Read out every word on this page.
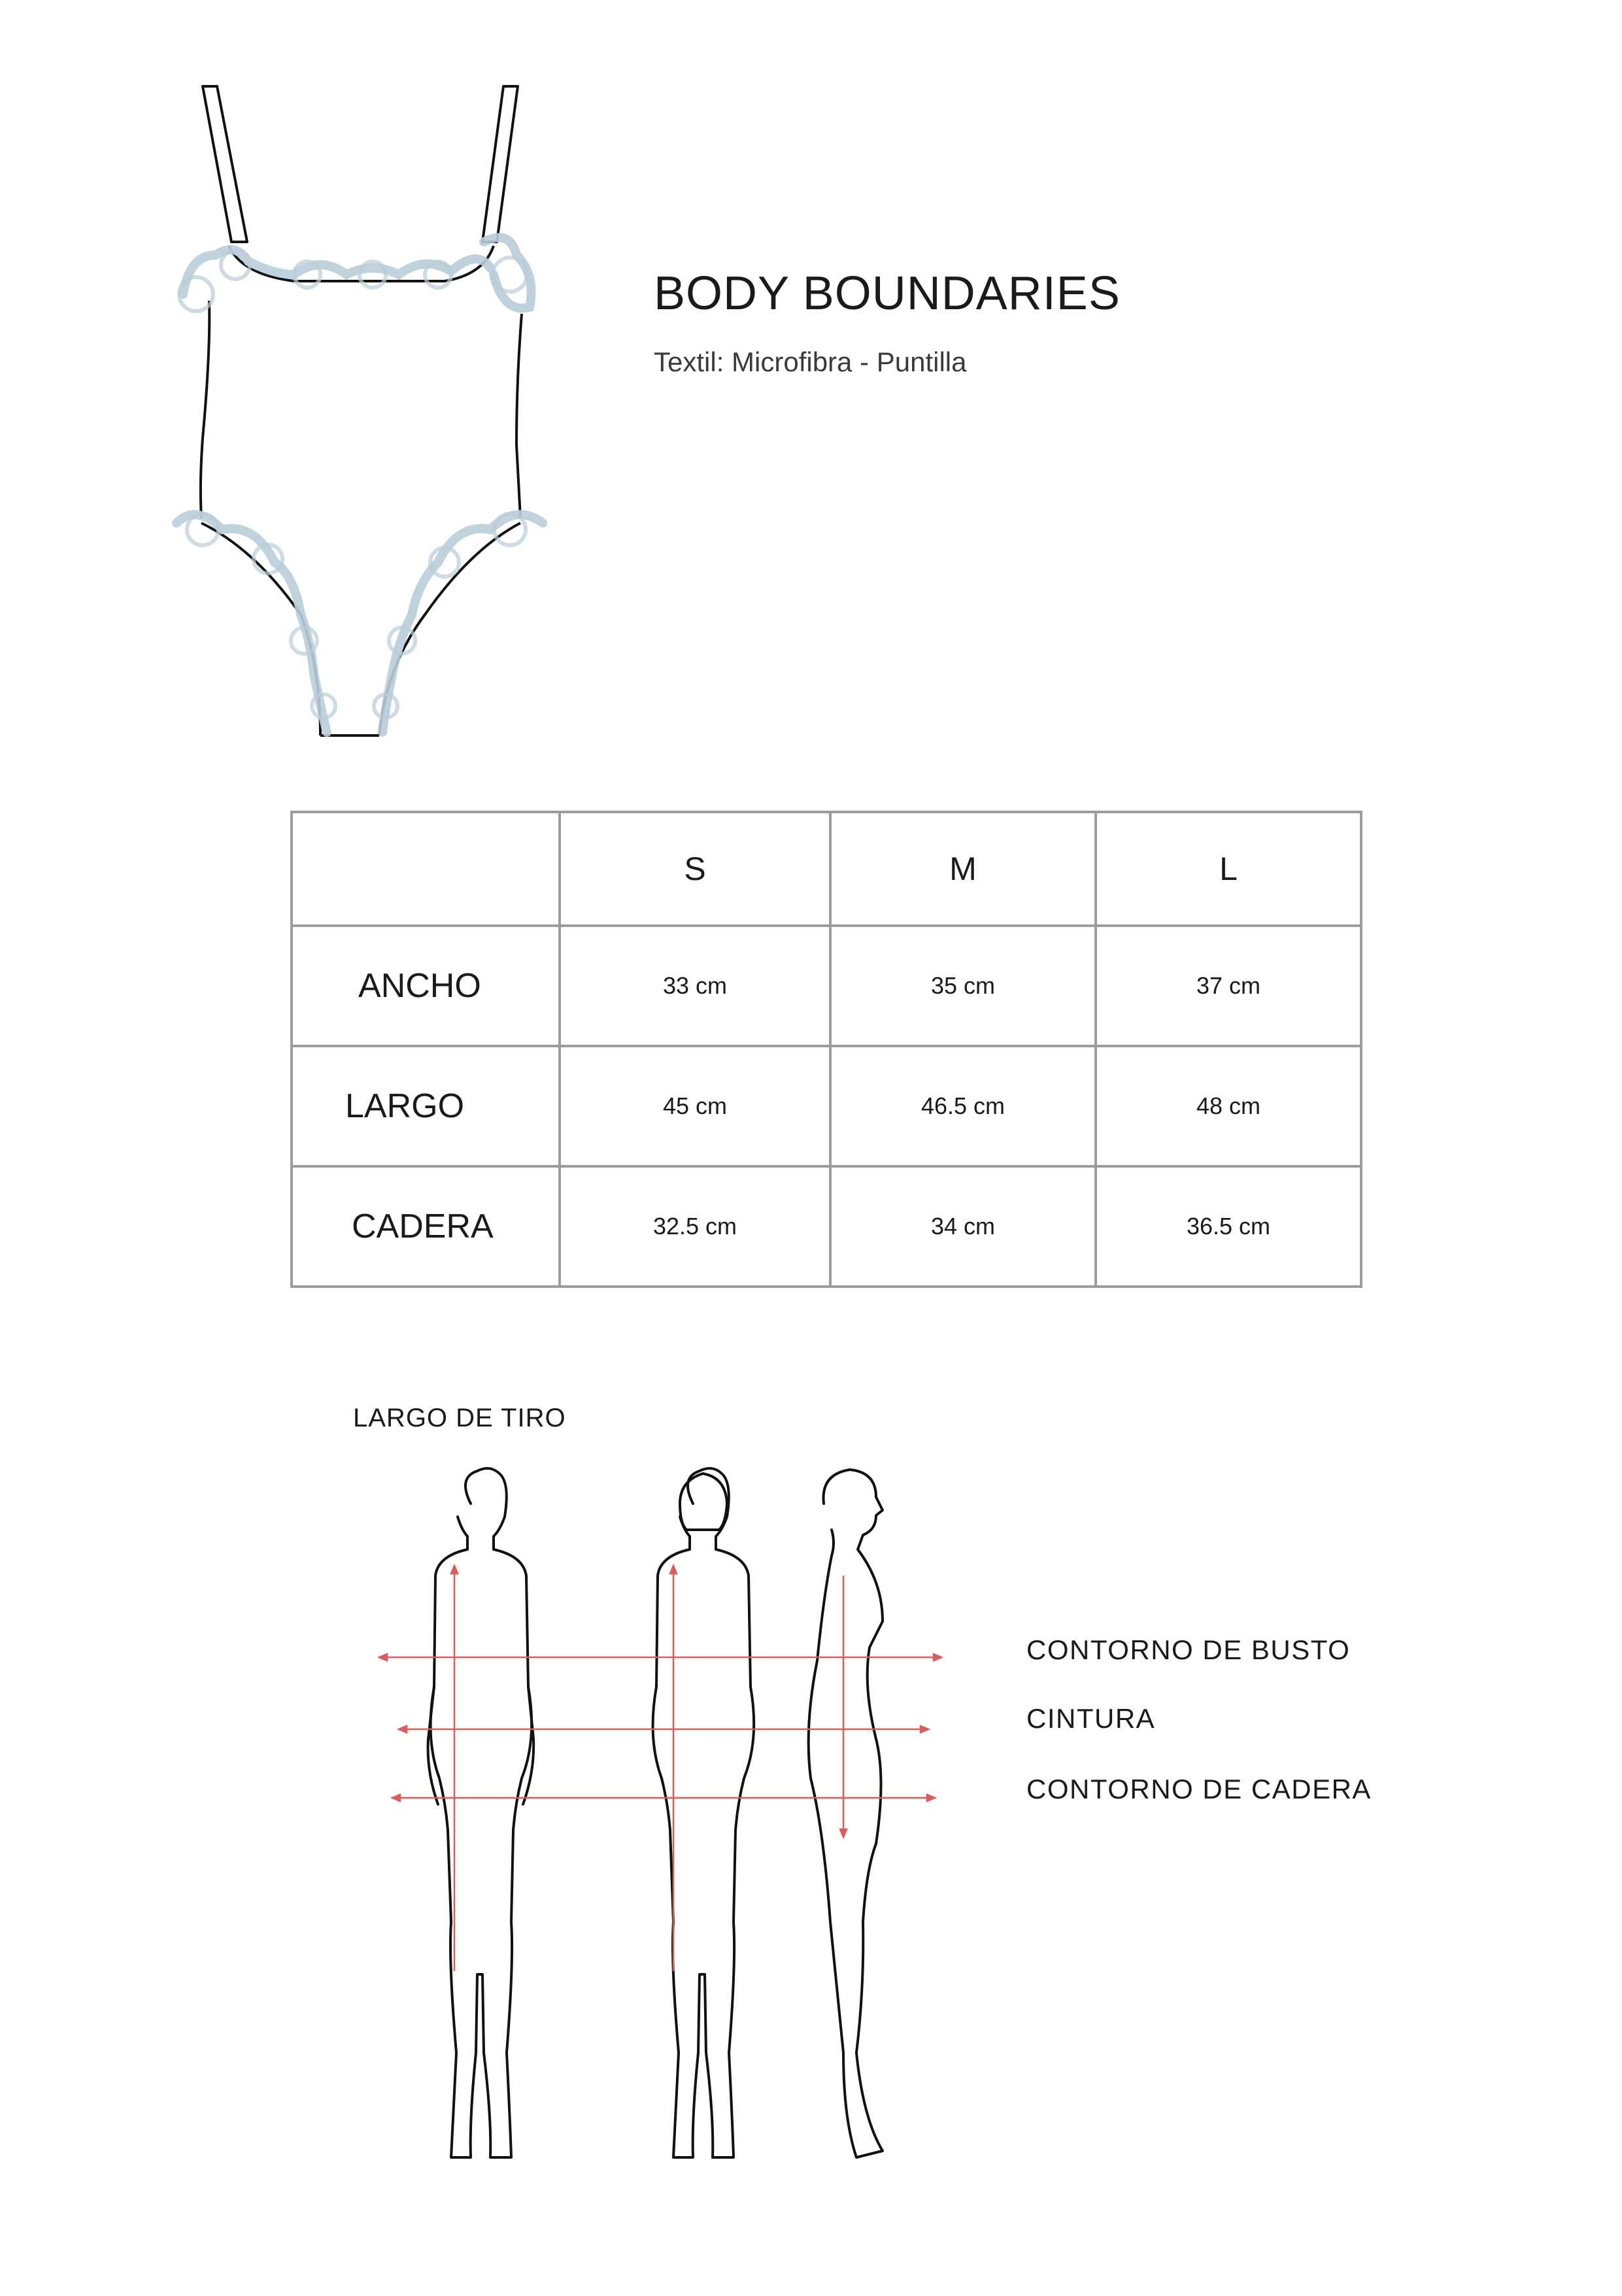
BODY BOUNDARIES
Textil: Microfibra - Puntilla
	S	M	L
ANCHO	33 cm	35 cm	37 cm
LARGO	45 cm	46.5 cm	48 cm
CADERA	32.5 cm	34 cm	36.5 cm
LARGO DE TIRO
CONTORNO DE BUSTO
CINTURA
CONTORNO DE CADERA
